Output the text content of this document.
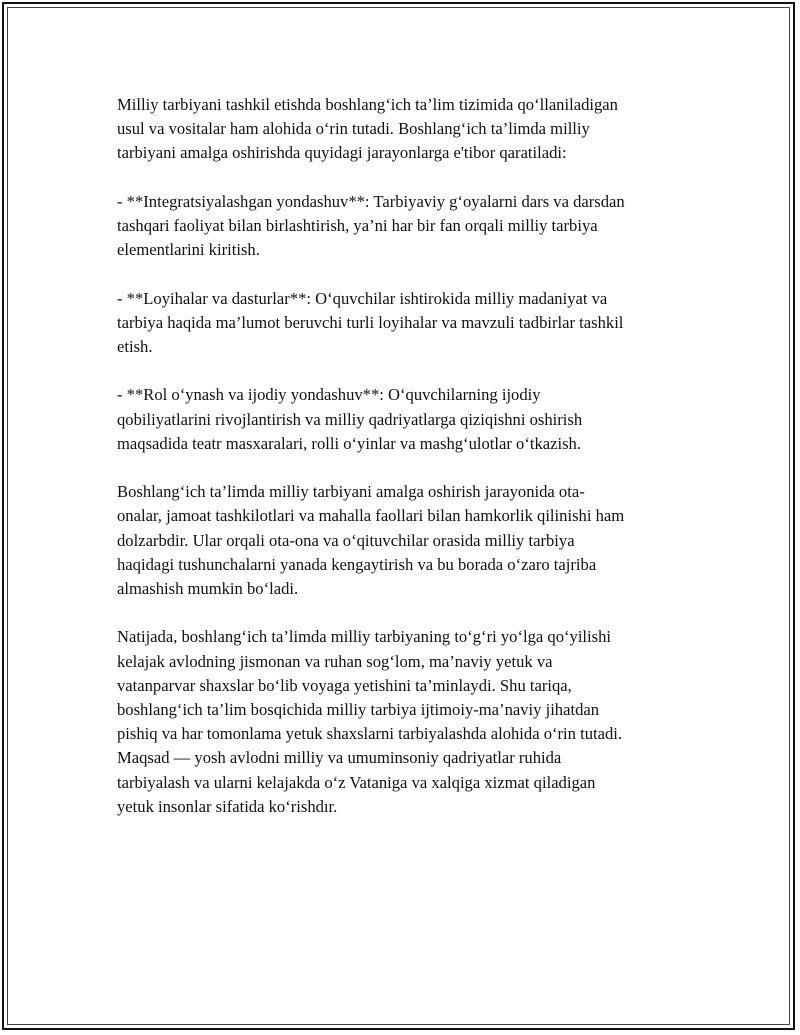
Milliy tarbiyani tashkil etishda boshlang‘ich ta’lim tizimida qo‘llaniladigan
usul va vositalar ham alohida o‘rin tutadi. Boshlang‘ich ta’limda milliy
tarbiyani amalga oshirishda quyidagi jarayonlarga e'tibor qaratiladi:

- **Integratsiyalashgan yondashuv**: Tarbiyaviy g‘oyalarni dars va darsdan
tashqari faoliyat bilan birlashtirish, ya’ni har bir fan orqali milliy tarbiya
elementlarini kiritish.

- **Loyihalar va dasturlar**: O‘quvchilar ishtirokida milliy madaniyat va
tarbiya haqida ma’lumot beruvchi turli loyihalar va mavzuli tadbirlar tashkil
etish.

- **Rol o‘ynash va ijodiy yondashuv**: O‘quvchilarning ijodiy
qobiliyatlarini rivojlantirish va milliy qadriyatlarga qiziqishni oshirish
maqsadida teatr masxaralari, rolli o‘yinlar va mashg‘ulotlar o‘tkazish.

Boshlang‘ich ta’limda milliy tarbiyani amalga oshirish jarayonida ota-
onalar, jamoat tashkilotlari va mahalla faollari bilan hamkorlik qilinishi ham
dolzarbdir. Ular orqali ota-ona va o‘qituvchilar orasida milliy tarbiya
haqidagi tushunchalarni yanada kengaytirish va bu borada o‘zaro tajriba
almashish mumkin bo‘ladi.

Natijada, boshlang‘ich ta’limda milliy tarbiyaning to‘g‘ri yo‘lga qo‘yilishi
kelajak avlodning jismonan va ruhan sog‘lom, ma’naviy yetuk va
vatanparvar shaxslar bo‘lib voyaga yetishini ta’minlaydi. Shu tariqa,
boshlang‘ich ta’lim bosqichida milliy tarbiya ijtimoiy-ma’naviy jihatdan
pishiq va har tomonlama yetuk shaxslarni tarbiyalashda alohida o‘rin tutadi.
Maqsad — yosh avlodni milliy va umuminsoniy qadriyatlar ruhida
tarbiyalash va ularni kelajakda o‘z Vataniga va xalqiga xizmat qiladigan
yetuk insonlar sifatida ko‘rishdır.
